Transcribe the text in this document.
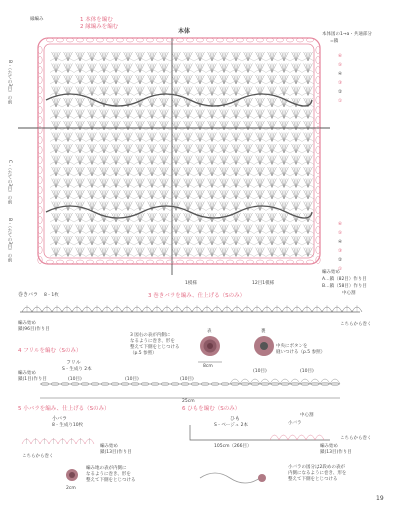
1 本体を編む
2 縁編みを編む
本体
縁編み
本体図の1→a・共通部分
=鎖
C・（たての3目）の前
B・（たての3目）の前
B・（たての3目）の前
1模様	12目1模様
⑥
⑤
④
③
②
①
⑥
⑤
④
③
②
①
編み始め
A…鎖（82目）作り目
B…鎖（58目）作り目
中心割
3 巻きバラを編み、仕上げる（Sのみ）
巻きバラ 8 - 1枚
編み始め
鎖(96目)作り目
こちらから巻く
3 図右の表が内側に
なるように巻き、形を
整えて下側をとじつける
（p.5 参照）
8cm
表	裏
中央にボタンを
縫いつける（p.5 参照）
4 フリルを編む（Sのみ）
フリル
S - 生成り 2本
編み始め
鎖(1目)作り目	(10目)	(10目)	(10目)
(10目)	(10目)
25cm
5 小バラを編み、仕上げる（Sのみ）
小バラ
8 - 生成り10枚
こちらから巻く
編み始め
鎖(13目)作り目
編み地の表が内側に
なるように巻き、形を
整えて下側をとじつける
2cm
6 ひもを編む（Sのみ）
ひも
S - ベージュ 2本
中心割
小バラ
105cm（266目）
こちらから巻く
編み始め
鎖(13目)作り目
小バラの図分は2段めの表が
内側になるように巻き、形を
整えて下側をとじつける
19
